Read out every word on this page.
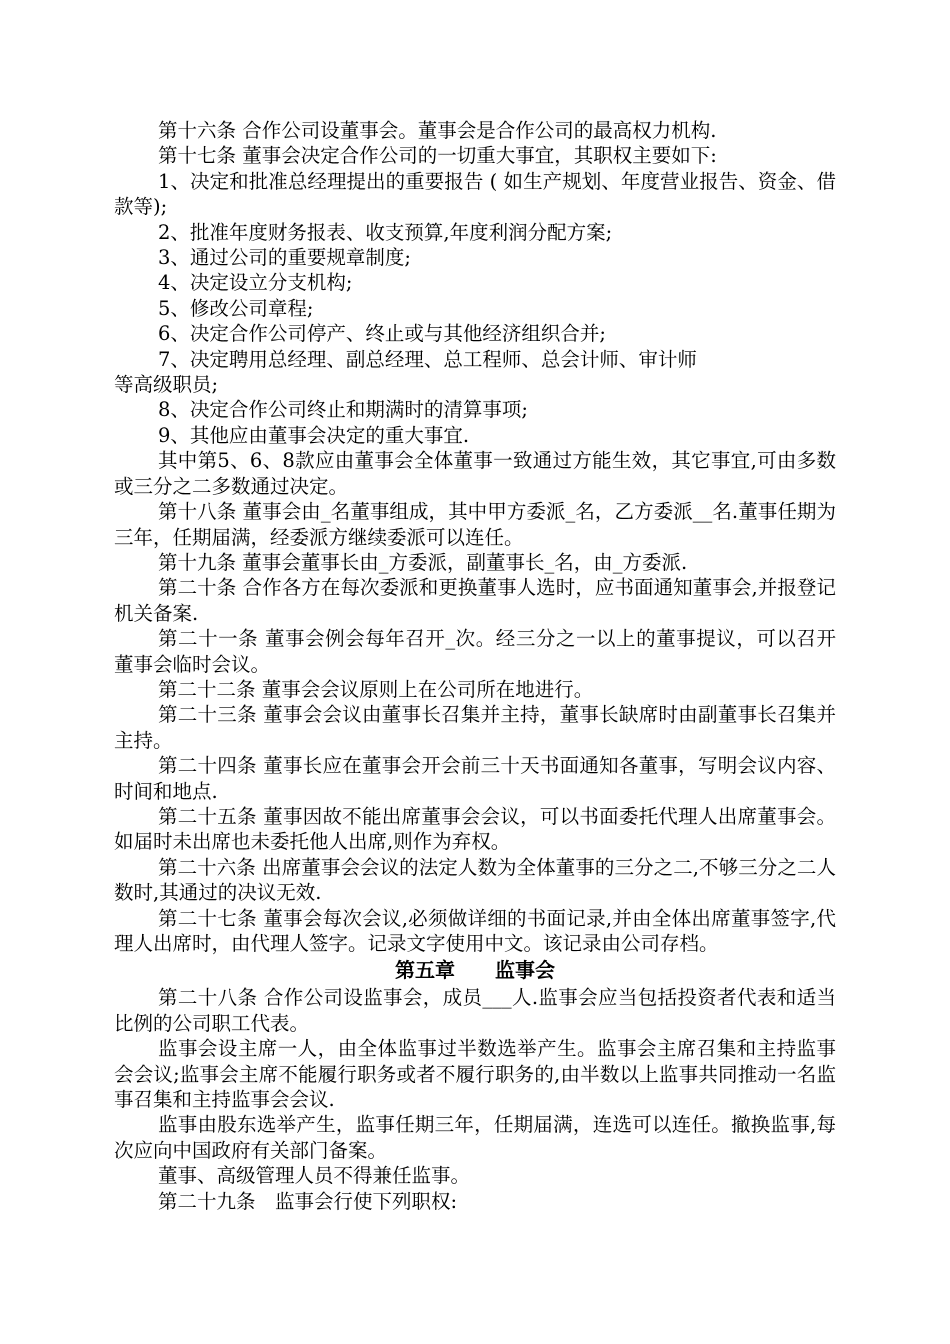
第十六条 合作公司设董事会。董事会是合作公司的最高权力机构.

第十七条 董事会决定合作公司的一切重大事宜，其职权主要如下:

1、决定和批准总经理提出的重要报告 ( 如生产规划、年度营业报告、资金、借款等);

2、批准年度财务报表、收支预算,年度利润分配方案;

3、通过公司的重要规章制度;

4、决定设立分支机构;

5、修改公司章程;

6、决定合作公司停产、终止或与其他经济组织合并;

7、决定聘用总经理、副总经理、总工程师、总会计师、审计师

等高级职员;

8、决定合作公司终止和期满时的清算事项;

9、其他应由董事会决定的重大事宜.

其中第5、6、8款应由董事会全体董事一致通过方能生效，其它事宜,可由多数或三分之二多数通过决定。

第十八条 董事会由_名董事组成，其中甲方委派_名，乙方委派__名.董事任期为三年，任期届满，经委派方继续委派可以连任。

第十九条 董事会董事长由_方委派，副董事长_名，由_方委派.

第二十条 合作各方在每次委派和更换董事人选时，应书面通知董事会,并报登记机关备案.

第二十一条 董事会例会每年召开_次。经三分之一以上的董事提议，可以召开董事会临时会议。

第二十二条 董事会会议原则上在公司所在地进行。

第二十三条 董事会会议由董事长召集并主持，董事长缺席时由副董事长召集并主持。

第二十四条 董事长应在董事会开会前三十天书面通知各董事，写明会议内容、时间和地点.

第二十五条 董事因故不能出席董事会会议，可以书面委托代理人出席董事会。如届时未出席也未委托他人出席,则作为弃权。

第二十六条 出席董事会会议的法定人数为全体董事的三分之二,不够三分之二人数时,其通过的决议无效.

第二十七条 董事会每次会议,必须做详细的书面记录,并由全体出席董事签字,代理人出席时，由代理人签字。记录文字使用中文。该记录由公司存档。

第五章　　监事会

第二十八条 合作公司设监事会，成员___人.监事会应当包括投资者代表和适当比例的公司职工代表。

监事会设主席一人，由全体监事过半数选举产生。监事会主席召集和主持监事会会议;监事会主席不能履行职务或者不履行职务的,由半数以上监事共同推动一名监事召集和主持监事会会议.

监事由股东选举产生，监事任期三年，任期届满，连选可以连任。撤换监事,每次应向中国政府有关部门备案。

董事、高级管理人员不得兼任监事。

第二十九条　监事会行使下列职权:
